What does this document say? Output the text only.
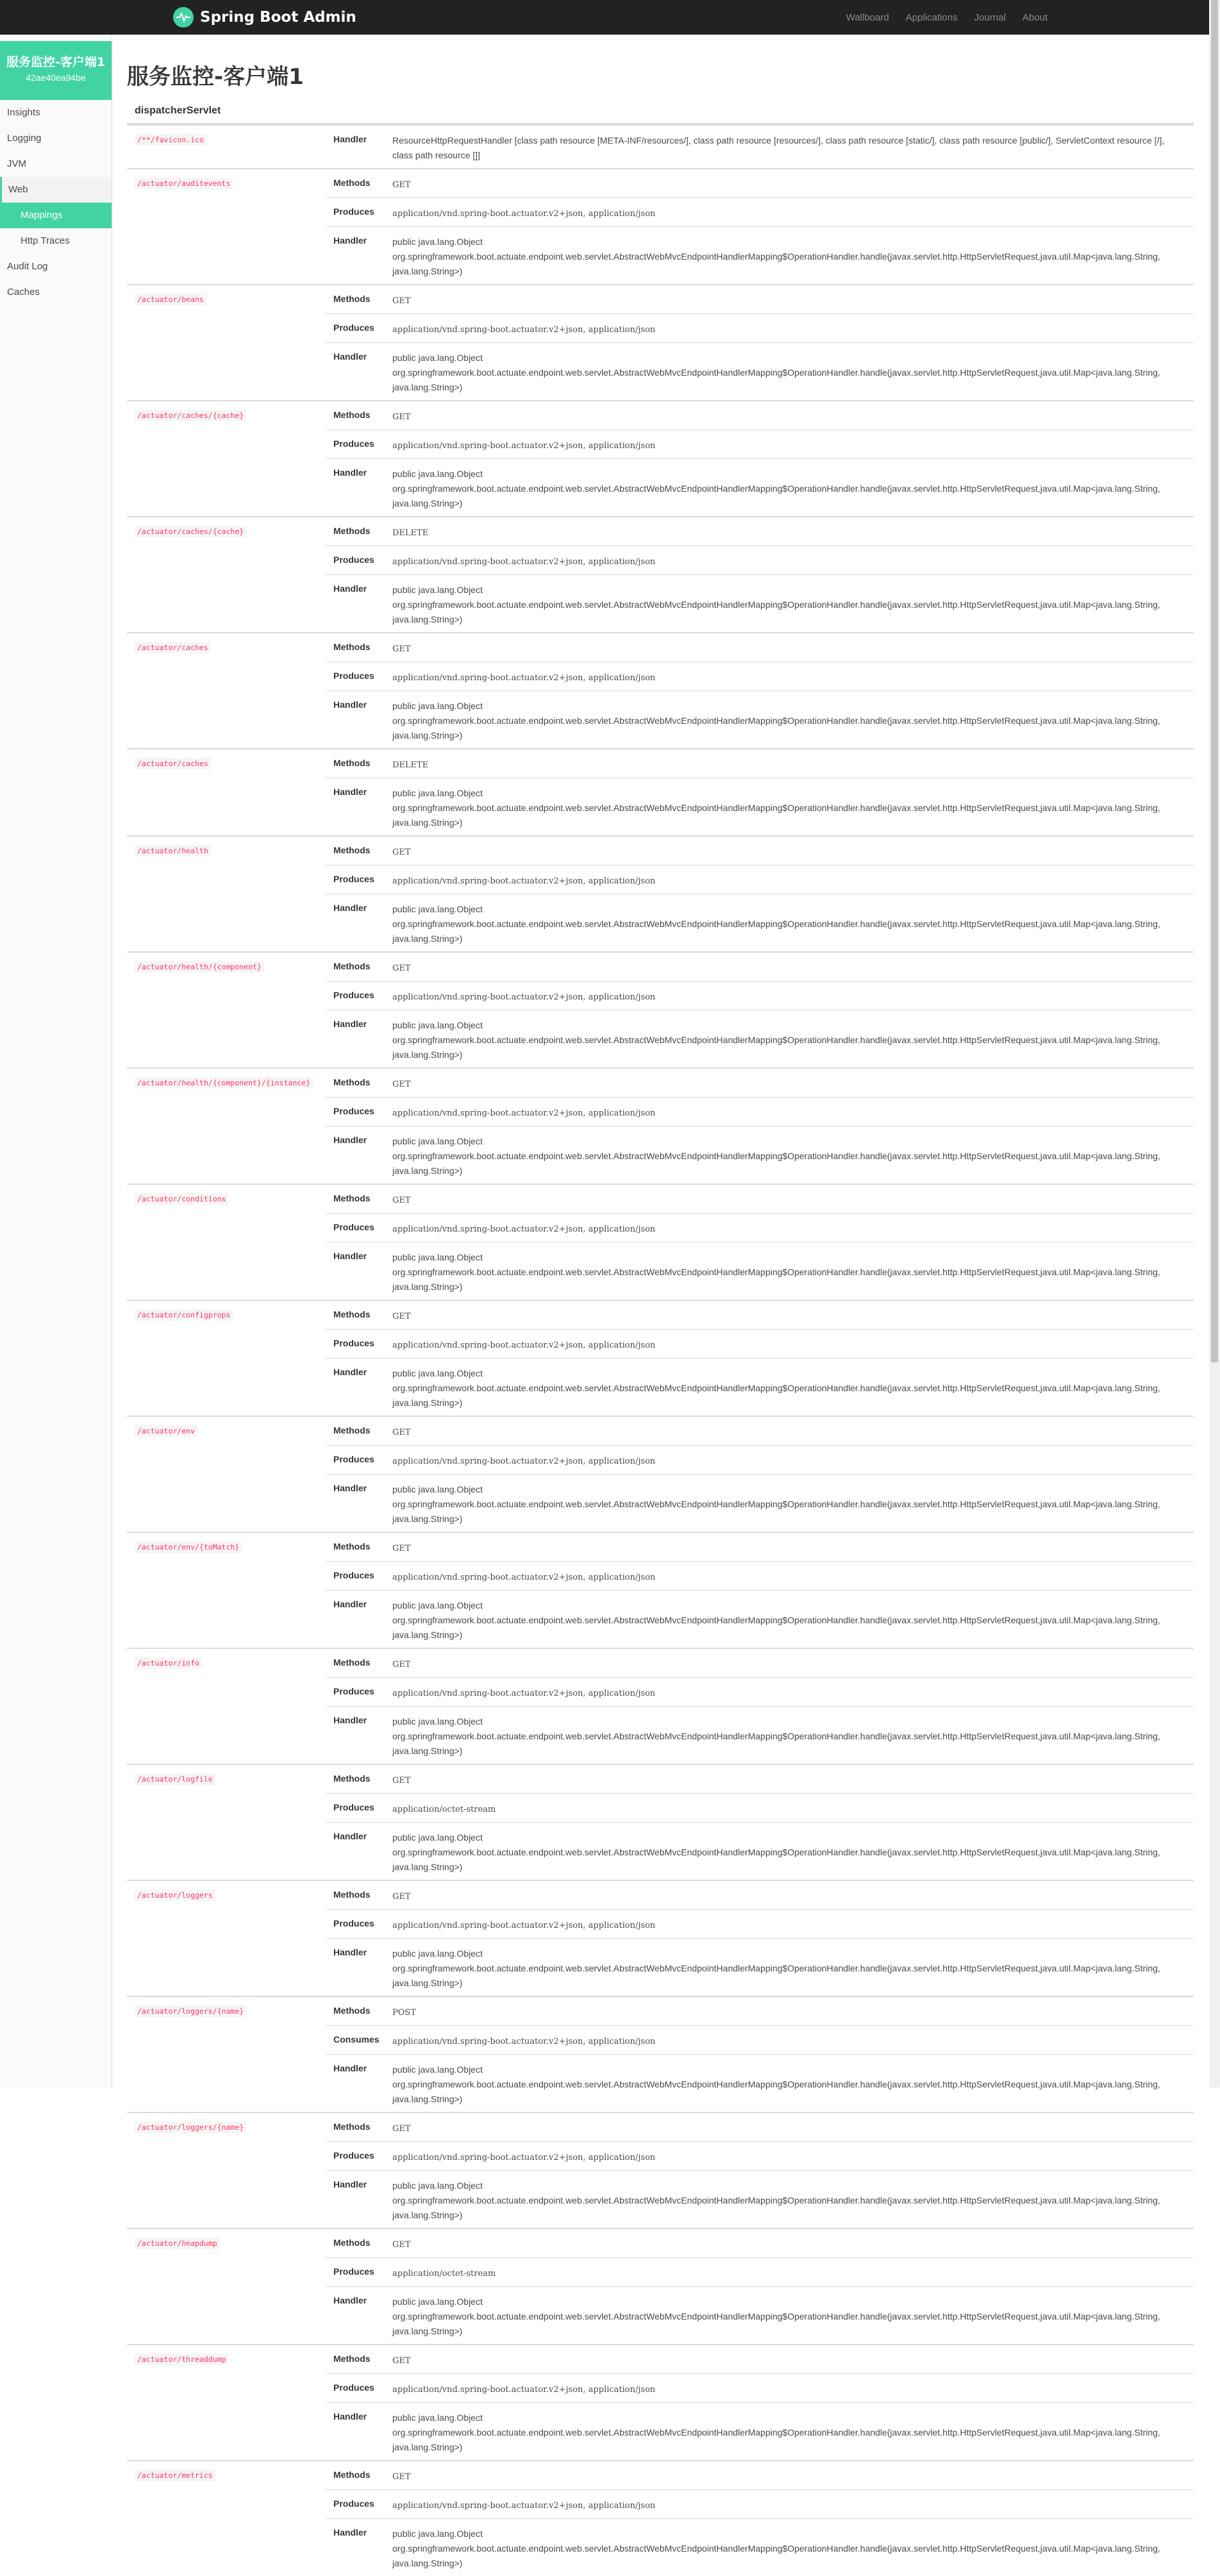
Spring Boot Admin	Wallboard Applications Journal About
服务监控-客户端1
42ae40ea94be
Insights
Logging
JVM
Web
Mappings
Http Traces
Audit Log
Caches
服务监控-客户端1
dispatcherServlet
/**/favicon.ico	Handler	ResourceHttpRequestHandler [class path resource [META-INF/resources/], class path resource [resources/], class path resource [static/], class path resource [public/], ServletContext resource [/], class path resource []]
/actuator/auditevents	Methods	GET
	Produces	application/vnd.spring-boot.actuator.v2+json, application/json
	Handler	public java.lang.Object org.springframework.boot.actuate.endpoint.web.servlet.AbstractWebMvcEndpointHandlerMapping$OperationHandler.handle(javax.servlet.http.HttpServletRequest,java.util.Map<java.lang.String, java.lang.String>)
/actuator/beans	Methods	GET
	Produces	application/vnd.spring-boot.actuator.v2+json, application/json
	Handler	public java.lang.Object org.springframework.boot.actuate.endpoint.web.servlet.AbstractWebMvcEndpointHandlerMapping$OperationHandler.handle(javax.servlet.http.HttpServletRequest,java.util.Map<java.lang.String, java.lang.String>)
/actuator/caches/{cache}	Methods	GET
	Produces	application/vnd.spring-boot.actuator.v2+json, application/json
	Handler	public java.lang.Object org.springframework.boot.actuate.endpoint.web.servlet.AbstractWebMvcEndpointHandlerMapping$OperationHandler.handle(javax.servlet.http.HttpServletRequest,java.util.Map<java.lang.String, java.lang.String>)
/actuator/caches/{cache}	Methods	DELETE
	Produces	application/vnd.spring-boot.actuator.v2+json, application/json
	Handler	public java.lang.Object org.springframework.boot.actuate.endpoint.web.servlet.AbstractWebMvcEndpointHandlerMapping$OperationHandler.handle(javax.servlet.http.HttpServletRequest,java.util.Map<java.lang.String, java.lang.String>)
/actuator/caches	Methods	GET
	Produces	application/vnd.spring-boot.actuator.v2+json, application/json
	Handler	public java.lang.Object org.springframework.boot.actuate.endpoint.web.servlet.AbstractWebMvcEndpointHandlerMapping$OperationHandler.handle(javax.servlet.http.HttpServletRequest,java.util.Map<java.lang.String, java.lang.String>)
/actuator/caches	Methods	DELETE
	Handler	public java.lang.Object org.springframework.boot.actuate.endpoint.web.servlet.AbstractWebMvcEndpointHandlerMapping$OperationHandler.handle(javax.servlet.http.HttpServletRequest,java.util.Map<java.lang.String, java.lang.String>)
/actuator/health	Methods	GET
	Produces	application/vnd.spring-boot.actuator.v2+json, application/json
	Handler	public java.lang.Object org.springframework.boot.actuate.endpoint.web.servlet.AbstractWebMvcEndpointHandlerMapping$OperationHandler.handle(javax.servlet.http.HttpServletRequest,java.util.Map<java.lang.String, java.lang.String>)
/actuator/health/{component}	Methods	GET
	Produces	application/vnd.spring-boot.actuator.v2+json, application/json
	Handler	public java.lang.Object org.springframework.boot.actuate.endpoint.web.servlet.AbstractWebMvcEndpointHandlerMapping$OperationHandler.handle(javax.servlet.http.HttpServletRequest,java.util.Map<java.lang.String, java.lang.String>)
/actuator/health/{component}/{instance}	Methods	GET
	Produces	application/vnd.spring-boot.actuator.v2+json, application/json
	Handler	public java.lang.Object org.springframework.boot.actuate.endpoint.web.servlet.AbstractWebMvcEndpointHandlerMapping$OperationHandler.handle(javax.servlet.http.HttpServletRequest,java.util.Map<java.lang.String, java.lang.String>)
/actuator/conditions	Methods	GET
	Produces	application/vnd.spring-boot.actuator.v2+json, application/json
	Handler	public java.lang.Object org.springframework.boot.actuate.endpoint.web.servlet.AbstractWebMvcEndpointHandlerMapping$OperationHandler.handle(javax.servlet.http.HttpServletRequest,java.util.Map<java.lang.String, java.lang.String>)
/actuator/configprops	Methods	GET
	Produces	application/vnd.spring-boot.actuator.v2+json, application/json
	Handler	public java.lang.Object org.springframework.boot.actuate.endpoint.web.servlet.AbstractWebMvcEndpointHandlerMapping$OperationHandler.handle(javax.servlet.http.HttpServletRequest,java.util.Map<java.lang.String, java.lang.String>)
/actuator/env	Methods	GET
	Produces	application/vnd.spring-boot.actuator.v2+json, application/json
	Handler	public java.lang.Object org.springframework.boot.actuate.endpoint.web.servlet.AbstractWebMvcEndpointHandlerMapping$OperationHandler.handle(javax.servlet.http.HttpServletRequest,java.util.Map<java.lang.String, java.lang.String>)
/actuator/env/{toMatch}	Methods	GET
	Produces	application/vnd.spring-boot.actuator.v2+json, application/json
	Handler	public java.lang.Object org.springframework.boot.actuate.endpoint.web.servlet.AbstractWebMvcEndpointHandlerMapping$OperationHandler.handle(javax.servlet.http.HttpServletRequest,java.util.Map<java.lang.String, java.lang.String>)
/actuator/info	Methods	GET
	Produces	application/vnd.spring-boot.actuator.v2+json, application/json
	Handler	public java.lang.Object org.springframework.boot.actuate.endpoint.web.servlet.AbstractWebMvcEndpointHandlerMapping$OperationHandler.handle(javax.servlet.http.HttpServletRequest,java.util.Map<java.lang.String, java.lang.String>)
/actuator/logfile	Methods	GET
	Produces	application/octet-stream
	Handler	public java.lang.Object org.springframework.boot.actuate.endpoint.web.servlet.AbstractWebMvcEndpointHandlerMapping$OperationHandler.handle(javax.servlet.http.HttpServletRequest,java.util.Map<java.lang.String, java.lang.String>)
/actuator/loggers	Methods	GET
	Produces	application/vnd.spring-boot.actuator.v2+json, application/json
	Handler	public java.lang.Object org.springframework.boot.actuate.endpoint.web.servlet.AbstractWebMvcEndpointHandlerMapping$OperationHandler.handle(javax.servlet.http.HttpServletRequest,java.util.Map<java.lang.String, java.lang.String>)
/actuator/loggers/{name}	Methods	POST
	Consumes	application/vnd.spring-boot.actuator.v2+json, application/json
	Handler	public java.lang.Object org.springframework.boot.actuate.endpoint.web.servlet.AbstractWebMvcEndpointHandlerMapping$OperationHandler.handle(javax.servlet.http.HttpServletRequest,java.util.Map<java.lang.String, java.lang.String>)
/actuator/loggers/{name}	Methods	GET
	Produces	application/vnd.spring-boot.actuator.v2+json, application/json
	Handler	public java.lang.Object org.springframework.boot.actuate.endpoint.web.servlet.AbstractWebMvcEndpointHandlerMapping$OperationHandler.handle(javax.servlet.http.HttpServletRequest,java.util.Map<java.lang.String, java.lang.String>)
/actuator/heapdump	Methods	GET
	Produces	application/octet-stream
	Handler	public java.lang.Object org.springframework.boot.actuate.endpoint.web.servlet.AbstractWebMvcEndpointHandlerMapping$OperationHandler.handle(javax.servlet.http.HttpServletRequest,java.util.Map<java.lang.String, java.lang.String>)
/actuator/threaddump	Methods	GET
	Produces	application/vnd.spring-boot.actuator.v2+json, application/json
	Handler	public java.lang.Object org.springframework.boot.actuate.endpoint.web.servlet.AbstractWebMvcEndpointHandlerMapping$OperationHandler.handle(javax.servlet.http.HttpServletRequest,java.util.Map<java.lang.String, java.lang.String>)
/actuator/metrics	Methods	GET
	Produces	application/vnd.spring-boot.actuator.v2+json, application/json
	Handler	public java.lang.Object org.springframework.boot.actuate.endpoint.web.servlet.AbstractWebMvcEndpointHandlerMapping$OperationHandler.handle(javax.servlet.http.HttpServletRequest,java.util.Map<java.lang.String, java.lang.String>)
